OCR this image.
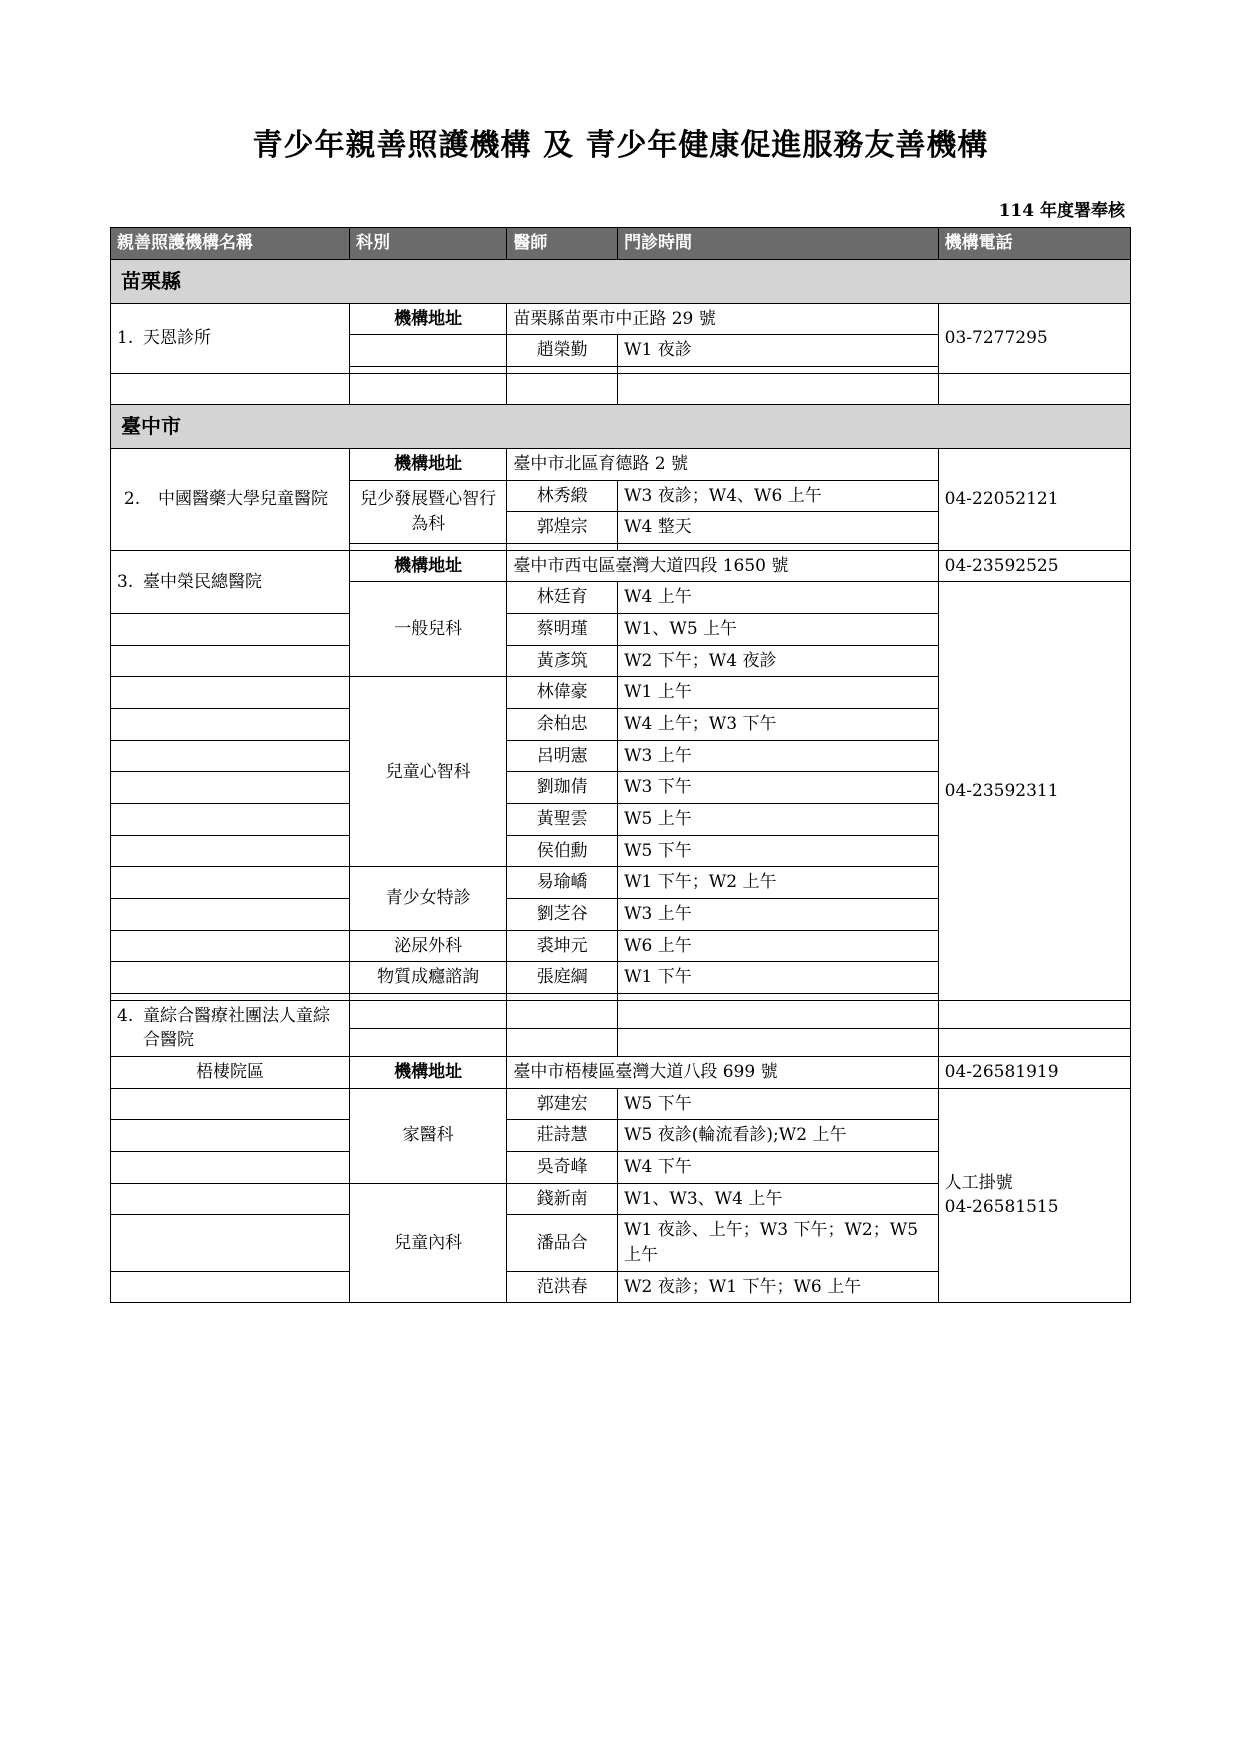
青少年親善照護機構 及 青少年健康促進服務友善機構
114 年度署奉核
親善照護機構名稱	科別	醫師	門診時間	機構電話
苗栗縣				
1. 天恩診所	機構地址	苗栗縣苗栗市中正路 29 號		03-7277295
		趙榮勤	W1 夜診	

臺中市				
2. 中國醫藥大學兒童醫院	機構地址	臺中市北區育德路 2 號		04-22052121
	兒少發展暨心智行為科	林秀緞	W3 夜診；W4、W6 上午	
		郭煌宗	W4 整天	

3. 臺中榮民總醫院	機構地址	臺中市西屯區臺灣大道四段 1650 號		04-23592525
	一般兒科	林廷育	W4 上午	04-23592311
		蔡明瑾	W1、W5 上午	
		黃彥筑	W2 下午；W4 夜診	
	兒童心智科	林偉豪	W1 上午	
		余柏忠	W4 上午；W3 下午	
		呂明憲	W3 上午	
		劉珈倩	W3 下午	
		黃聖雲	W5 上午	
		侯伯勳	W5 下午	
	青少女特診	易瑜嶠	W1 下午；W2 上午	
		劉芝谷	W3 上午	
	泌尿外科	裘坤元	W6 上午	
	物質成癮諮詢	張庭綱	W1 下午	

4. 童綜合醫療社團法人童綜合醫院				

梧棲院區	機構地址	臺中市梧棲區臺灣大道八段 699 號		04-26581919
	家醫科	郭建宏	W5 下午	人工掛號
04-26581515

		莊詩慧	W5 夜診(輪流看診);W2 上午	
		吳奇峰	W4 下午	
	兒童內科	錢新南	W1、W3、W4 上午	
		潘品合	W1 夜診、上午；W3 下午；W2；W5 上午	
		范洪春	W2 夜診；W1 下午；W6 上午	
